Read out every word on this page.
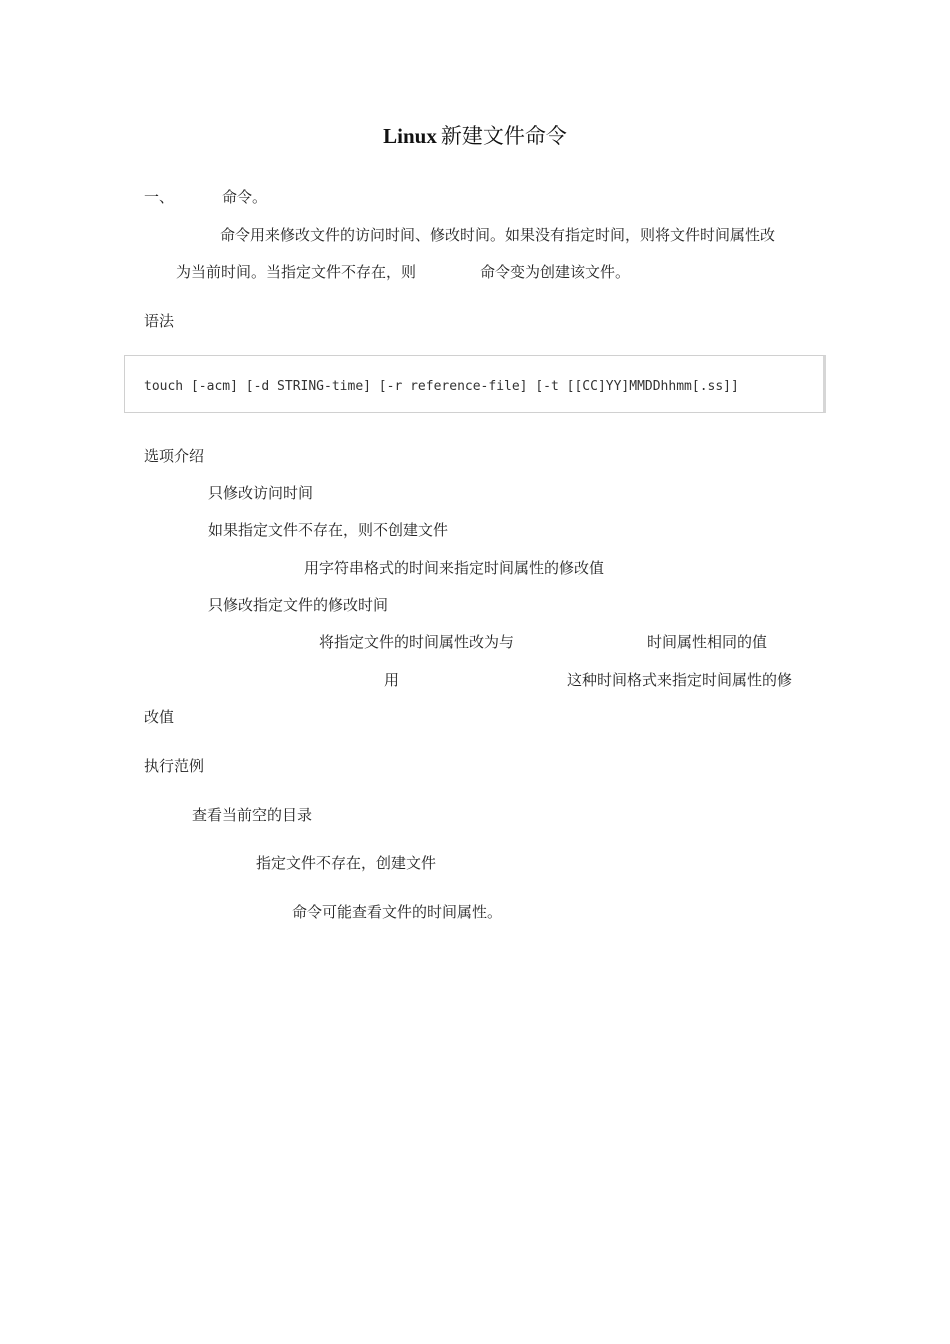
Linux 新建文件命令
一、	命令。
命令用来修改文件的访问时间、修改时间。如果没有指定时间，则将文件时间属性改
为当前时间。当指定文件不存在，则	命令变为创建该文件。
语法
touch [-acm] [-d STRING-time] [-r reference-file] [-t [[CC]YY]MMDDhhmm[.ss]]
选项介绍
只修改访问时间
如果指定文件不存在，则不创建文件
用字符串格式的时间来指定时间属性的修改值
只修改指定文件的修改时间
将指定文件的时间属性改为与	时间属性相同的值
用	这种时间格式来指定时间属性的修
改值
执行范例
查看当前空的目录
指定文件不存在，创建文件
命令可能查看文件的时间属性。
